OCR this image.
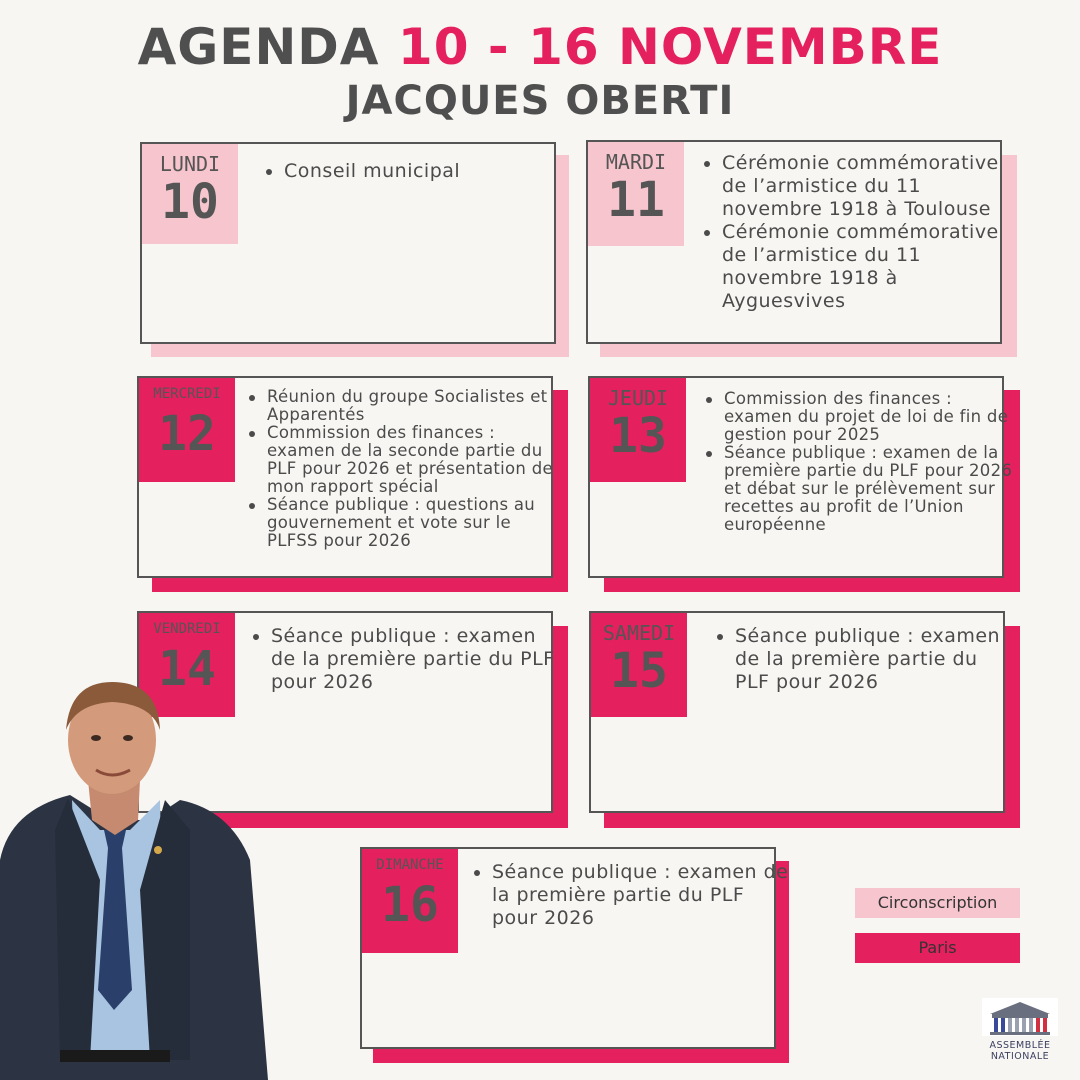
AGENDA 10 - 16 NOVEMBRE
JACQUES OBERTI
LUNDI
10
Conseil municipal	MARDI
11
Cérémonie commémorative de l’armistice du 11 novembre 1918 à Toulouse
Cérémonie commémorative de l’armistice du 11 novembre 1918 à Ayguesvives
MERCREDI
12
Réunion du groupe Socialistes et Apparentés
Commission des finances : examen de la seconde partie du PLF pour 2026 et présentation de mon rapport spécial
Séance publique : questions au gouvernement et vote sur le PLFSS pour 2026
JEUDI
13
Commission des finances : examen du projet de loi de fin de gestion pour 2025
Séance publique : examen de la première partie du PLF pour 2026 et débat sur le prélèvement sur recettes au profit de l’Union européenne
VENDREDI
14
Séance publique : examen de la première partie du PLF pour 2026
SAMEDI
15
Séance publique : examen de la première partie du PLF pour 2026
DIMANCHE
16
Séance publique : examen de la première partie du PLF pour 2026
Circonscription
Paris
ASSEMBLÉE
NATIONALE
